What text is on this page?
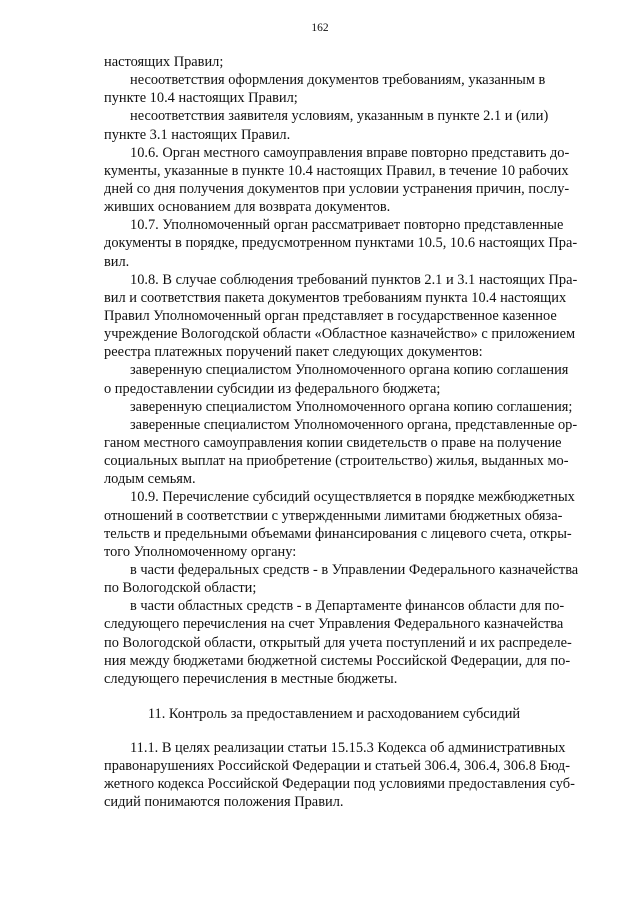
162
настоящих Правил;
несоответствия оформления документов требованиям, указанным в
пункте 10.4 настоящих Правил;
несоответствия заявителя условиям, указанным в пункте 2.1 и (или)
пункте 3.1 настоящих Правил.
10.6. Орган местного самоуправления вправе повторно представить до-
кументы, указанные в пункте 10.4 настоящих Правил, в течение 10 рабочих
дней со дня получения документов при условии устранения причин, послу-
живших основанием для возврата документов.
10.7. Уполномоченный орган рассматривает повторно представленные
документы в порядке, предусмотренном пунктами 10.5, 10.6 настоящих Пра-
вил.
10.8. В случае соблюдения требований пунктов 2.1 и 3.1 настоящих Пра-
вил и соответствия пакета документов требованиям пункта 10.4 настоящих
Правил Уполномоченный орган представляет в государственное казенное
учреждение Вологодской области «Областное казначейство» с приложением
реестра платежных поручений пакет следующих документов:
заверенную специалистом Уполномоченного органа копию соглашения
о предоставлении субсидии из федерального бюджета;
заверенную специалистом Уполномоченного органа копию соглашения;
заверенные специалистом Уполномоченного органа, представленные ор-
ганом местного самоуправления копии свидетельств о праве на получение
социальных выплат на приобретение (строительство) жилья, выданных мо-
лодым семьям.
10.9. Перечисление субсидий осуществляется в порядке межбюджетных
отношений в соответствии с утвержденными лимитами бюджетных обяза-
тельств и предельными объемами финансирования с лицевого счета, откры-
того Уполномоченному органу:
в части федеральных средств - в Управлении Федерального казначейства
по Вологодской области;
в части областных средств - в Департаменте финансов области для по-
следующего перечисления на счет Управления Федерального казначейства
по Вологодской области, открытый для учета поступлений и их распределе-
ния между бюджетами бюджетной системы Российской Федерации, для по-
следующего перечисления в местные бюджеты.
11. Контроль за предоставлением и расходованием субсидий
11.1. В целях реализации статьи 15.15.3 Кодекса об административных
правонарушениях Российской Федерации и статьей 306.4, 306.4, 306.8 Бюд-
жетного кодекса Российской Федерации под условиями предоставления суб-
сидий понимаются положения Правил.
